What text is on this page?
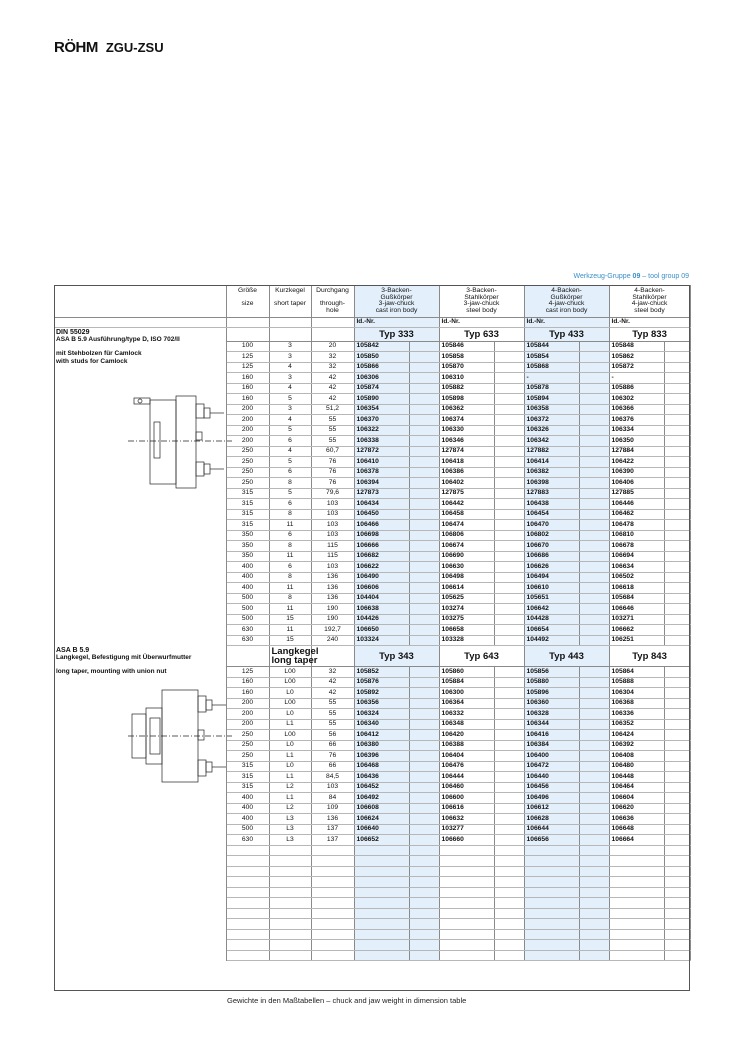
RÖHM ZGU-ZSU
Werkzeug-Gruppe 09 – tool group 09
	Größe

size	Kurzkegel

short taper	Durchgang

through-
hole	3-Backen-
Gußkörper
3-jaw-chuck
cast iron body		3-Backen-
Stahlkörper
3-jaw-chuck
steel body		4-Backen-
Gußkörper
4-jaw-chuck
cast iron body		4-Backen-
Stahlkörper
4-jaw-chuck
steel body	
				Id.-Nr.		Id.-Nr.		Id.-Nr.		Id.-Nr.	

DIN 55029
ASA B 5.9 Ausführung/type D, ISO 702/II
mit Stehbolzen für Camlock
with studs for Camlock				Typ 333		Typ 633		Typ 433		Typ 833	
	100	3	20	105842		105846		105844		105848	
	125	3	32	105850		105858		105854		105862	
	125	4	32	105866		105870		105868		105872	
	160	3	42	106306		106310		-		-	
	160	4	42	105874		105882		105878		105886	
	160	5	42	105890		105898		105894		106302	
	200	3	51,2	106354		106362		106358		106366	
	200	4	55	106370		106374		106372		106376	
	200	5	55	106322		106330		106326		106334	
	200	6	55	106338		106346		106342		106350	
	250	4	60,7	127872		127874		127882		127884	
	250	5	76	106410		106418		106414		106422	
	250	6	76	106378		106386		106382		106390	
	250	8	76	106394		106402		106398		106406	
	315	5	79,6	127873		127875		127883		127885	
	315	6	103	106434		106442		106438		106446	
	315	8	103	106450		106458		106454		106462	
	315	11	103	106466		106474		106470		106478	
	350	6	103	106698		106806		106802		106810	
	350	8	115	106666		106674		106670		106678	
	350	11	115	106682		106690		106686		106694	
	400	6	103	106622		106630		106626		106634	
	400	8	136	106490		106498		106494		106502	
	400	11	136	106606		106614		106610		106618	
	500	8	136	104404		105625		105651		105684	
	500	11	190	106638		103274		106642		106646	
	500	15	190	104426		103275		104428		103271	
	630	11	192,7	106650		106658		106654		106662	
	630	15	240	103324		103328		104492		106251	

ASA B 5.9
Langkegel, Befestigung mit Überwurfmutter
long taper, mounting with union nut		Langkegel
long taper		Typ 343		Typ 643		Typ 443		Typ 843	
	125	L00	32	105852		105860		105856		105864	
	160	L00	42	105876		105884		105880		105888	
	160	L0	42	105892		106300		105896		106304	
	200	L00	55	106356		106364		106360		106368	
	200	L0	55	106324		106332		106328		106336	
	200	L1	55	106340		106348		106344		106352	
	250	L00	56	106412		106420		106416		106424	
	250	L0	66	106380		106388		106384		106392	
	250	L1	76	106396		106404		106400		106408	
	315	L0	66	106468		106476		106472		106480	
	315	L1	84,5	106436		106444		106440		106448	
	315	L2	103	106452		106460		106456		106464	
	400	L1	84	106492		106600		106496		106604	
	400	L2	109	106608		106616		106612		106620	
	400	L3	136	106624		106632		106628		106636	
	500	L3	137	106640		103277		106644		106648	
	630	L3	137	106652		106660		106656		106664	

Gewichte in den Maßtabellen – chuck and jaw weight in dimension table
